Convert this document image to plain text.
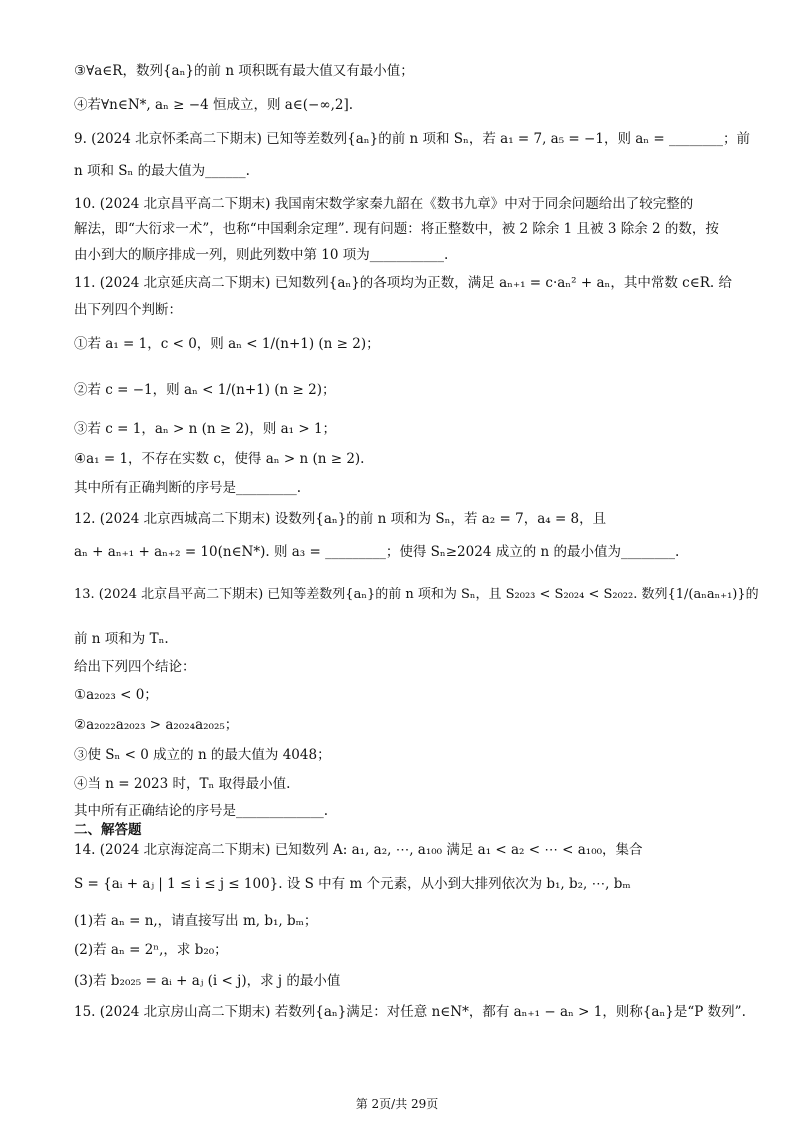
③∀a∈R，数列{aₙ}的前 n 项积既有最大值又有最小值；
④若∀n∈N*, aₙ ≥ −4 恒成立，则 a∈(−∞,2].
9. (2024 北京怀柔高二下期末) 已知等差数列{aₙ}的前 n 项和 Sₙ，若 a₁ = 7, a₅ = −1，则 aₙ = ________；前
n 项和 Sₙ 的最大值为______.
10. (2024 北京昌平高二下期末) 我国南宋数学家秦九韶在《数书九章》中对于同余问题给出了较完整的
解法，即“大衍求一术”，也称“中国剩余定理”. 现有问题：将正整数中，被 2 除余 1 且被 3 除余 2 的数，按
由小到大的顺序排成一列，则此列数中第 10 项为___________.
11. (2024 北京延庆高二下期末) 已知数列{aₙ}的各项均为正数，满足 aₙ₊₁ = c·aₙ² + aₙ，其中常数 c∈R. 给
出下列四个判断：
①若 a₁ = 1，c < 0，则 aₙ < 1/(n+1) (n ≥ 2)；
②若 c = −1，则 aₙ < 1/(n+1) (n ≥ 2)；
③若 c = 1，aₙ > n (n ≥ 2)，则 a₁ > 1；
④a₁ = 1，不存在实数 c，使得 aₙ > n (n ≥ 2).
其中所有正确判断的序号是_________.
12. (2024 北京西城高二下期末) 设数列{aₙ}的前 n 项和为 Sₙ，若 a₂ = 7，a₄ = 8，且
aₙ + aₙ₊₁ + aₙ₊₂ = 10(n∈N*). 则 a₃ = _________；使得 Sₙ≥2024 成立的 n 的最小值为________.
13. (2024 北京昌平高二下期末) 已知等差数列{aₙ}的前 n 项和为 Sₙ，且 S₂₀₂₃ < S₂₀₂₄ < S₂₀₂₂. 数列{1/(aₙaₙ₊₁)}的
前 n 项和为 Tₙ.
给出下列四个结论：
①a₂₀₂₃ < 0；
②a₂₀₂₂a₂₀₂₃ > a₂₀₂₄a₂₀₂₅；
③使 Sₙ < 0 成立的 n 的最大值为 4048；
④当 n = 2023 时，Tₙ 取得最小值.
其中所有正确结论的序号是_____________.
二、解答题
14. (2024 北京海淀高二下期末) 已知数列 A: a₁, a₂, ⋯, a₁₀₀ 满足 a₁ < a₂ < ⋯ < a₁₀₀，集合
S = {aᵢ + aⱼ | 1 ≤ i ≤ j ≤ 100}. 设 S 中有 m 个元素，从小到大排列依次为 b₁, b₂, ⋯, bₘ
(1)若 aₙ = n,，请直接写出 m, b₁, bₘ；
(2)若 aₙ = 2ⁿ,，求 b₂₀；
(3)若 b₂₀₂₅ = aᵢ + aⱼ (i < j)，求 j 的最小值
15. (2024 北京房山高二下期末) 若数列{aₙ}满足：对任意 n∈N*，都有 aₙ₊₁ − aₙ > 1，则称{aₙ}是“P 数列”.
第 2页/共 29页
